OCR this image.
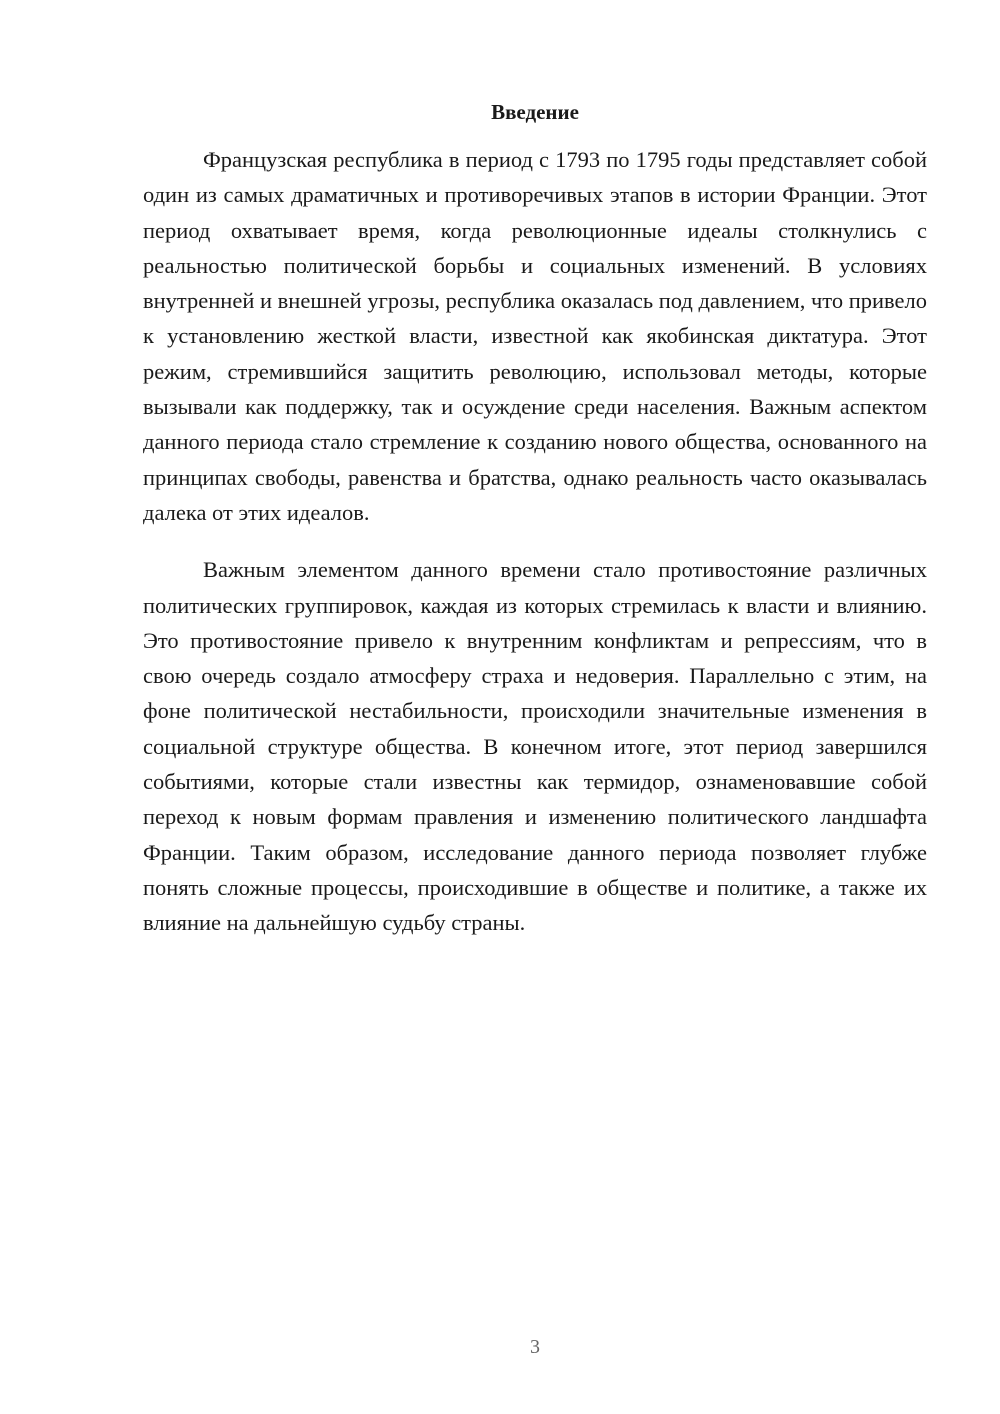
Введение

Французская республика в период с 1793 по 1795 годы представляет собой один из самых драматичных и противоречивых этапов в истории Франции. Этот период охватывает время, когда революционные идеалы столкнулись с реальностью политической борьбы и социальных изменений. В условиях внутренней и внешней угрозы, республика оказалась под давлением, что привело к установлению жесткой власти, известной как якобинская диктатура. Этот режим, стремившийся защитить революцию, использовал методы, которые вызывали как поддержку, так и осуждение среди населения. Важным аспектом данного периода стало стремление к созданию нового общества, основанного на принципах свободы, равенства и братства, однако реальность часто оказывалась далека от этих идеалов.

Важным элементом данного времени стало противостояние различных политических группировок, каждая из которых стремилась к власти и влиянию. Это противостояние привело к внутренним конфликтам и репрессиям, что в свою очередь создало атмосферу страха и недоверия. Параллельно с этим, на фоне политической нестабильности, происходили значительные изменения в социальной структуре общества. В конечном итоге, этот период завершился событиями, которые стали известны как термидор, ознаменовавшие собой переход к новым формам правления и изменению политического ландшафта Франции. Таким образом, исследование данного периода позволяет глубже понять сложные процессы, происходившие в обществе и политике, а также их влияние на дальнейшую судьбу страны.

3
